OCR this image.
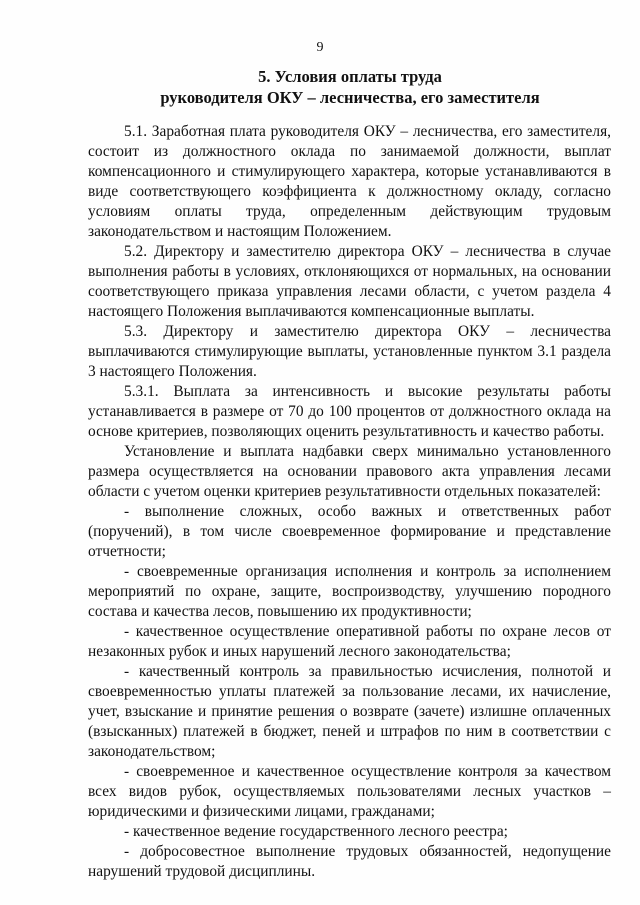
9
5. Условия оплаты труда
руководителя ОКУ – лесничества, его заместителя

5.1. Заработная плата руководителя ОКУ – лесничества, его заместителя, состоит из должностного оклада по занимаемой должности, выплат компенсационного и стимулирующего характера, которые устанавливаются в виде соответствующего коэффициента к должностному окладу, согласно условиям оплаты труда, определенным действующим трудовым законодательством и настоящим Положением.

5.2. Директору и заместителю директора ОКУ – лесничества в случае выполнения работы в условиях, отклоняющихся от нормальных, на основании соответствующего приказа управления лесами области, с учетом раздела 4 настоящего Положения выплачиваются компенсационные выплаты.

5.3. Директору и заместителю директора ОКУ – лесничества выплачиваются стимулирующие выплаты, установленные пунктом 3.1 раздела 3 настоящего Положения.

5.3.1. Выплата за интенсивность и высокие результаты работы устанавливается в размере от 70 до 100 процентов от должностного оклада на основе критериев, позволяющих оценить результативность и качество работы.

Установление и выплата надбавки сверх минимально установленного размера осуществляется на основании правового акта управления лесами области с учетом оценки критериев результативности отдельных показателей:

- выполнение сложных, особо важных и ответственных работ (поручений), в том числе своевременное формирование и представление отчетности;

- своевременные организация исполнения и контроль за исполнением мероприятий по охране, защите, воспроизводству, улучшению породного состава и качества лесов, повышению их продуктивности;

- качественное осуществление оперативной работы по охране лесов от незаконных рубок и иных нарушений лесного законодательства;

- качественный контроль за правильностью исчисления, полнотой и своевременностью уплаты платежей за пользование лесами, их начисление, учет, взыскание и принятие решения о возврате (зачете) излишне оплаченных (взысканных) платежей в бюджет, пеней и штрафов по ним в соответствии с законодательством;

- своевременное и качественное осуществление контроля за качеством всех видов рубок, осуществляемых пользователями лесных участков – юридическими и физическими лицами, гражданами;

- качественное ведение государственного лесного реестра;

- добросовестное выполнение трудовых обязанностей, недопущение нарушений трудовой дисциплины.
